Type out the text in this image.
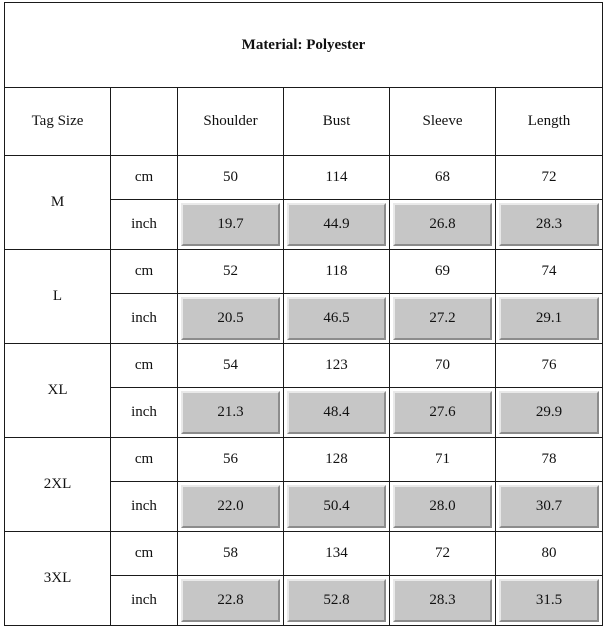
Material: Polyester					
Tag Size		Shoulder	Bust	Sleeve	Length
M	cm	50	114	68	72
	inch	19.7	44.9	26.8	28.3

L	cm	52	118	69	74
	inch	20.5	46.5	27.2	29.1

XL	cm	54	123	70	76
	inch	21.3	48.4	27.6	29.9

2XL	cm	56	128	71	78
	inch	22.0	50.4	28.0	30.7

3XL	cm	58	134	72	80
	inch	22.8	52.8	28.3	31.5
